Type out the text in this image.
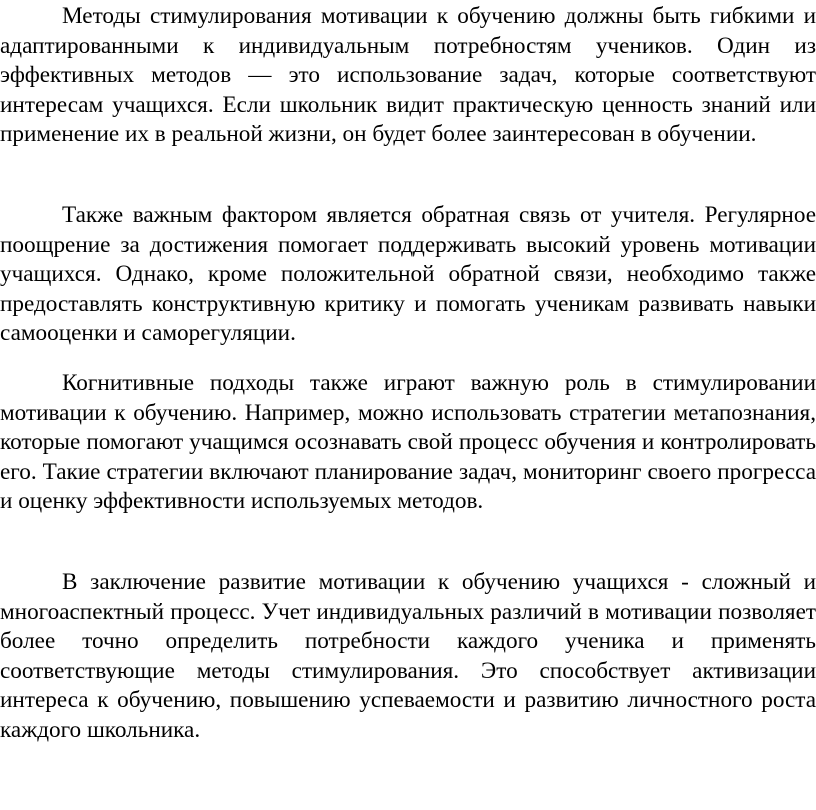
Методы стимулирования мотивации к обучению должны быть гибкими и адаптированными к индивидуальным потребностям учеников. Один из эффективных методов — это использование задач, которые соответствуют интересам учащихся. Если школьник видит практическую ценность знаний или применение их в реальной жизни, он будет более заинтересован в обучении.

Также важным фактором является обратная связь от учителя. Регулярное поощрение за достижения помогает поддерживать высокий уровень мотивации учащихся. Однако, кроме положительной обратной связи, необходимо также предоставлять конструктивную критику и помогать ученикам развивать навыки самооценки и саморегуляции.

Когнитивные подходы также играют важную роль в стимулировании мотивации к обучению. Например, можно использовать стратегии метапознания, которые помогают учащимся осознавать свой процесс обучения и контролировать его. Такие стратегии включают планирование задач, мониторинг своего прогресса и оценку эффективности используемых методов.

В заключение развитие мотивации к обучению учащихся - сложный и многоаспектный процесс. Учет индивидуальных различий в мотивации позволяет более точно определить потребности каждого ученика и применять соответствующие методы стимулирования. Это способствует активизации интереса к обучению, повышению успеваемости и развитию личностного роста каждого школьника.
